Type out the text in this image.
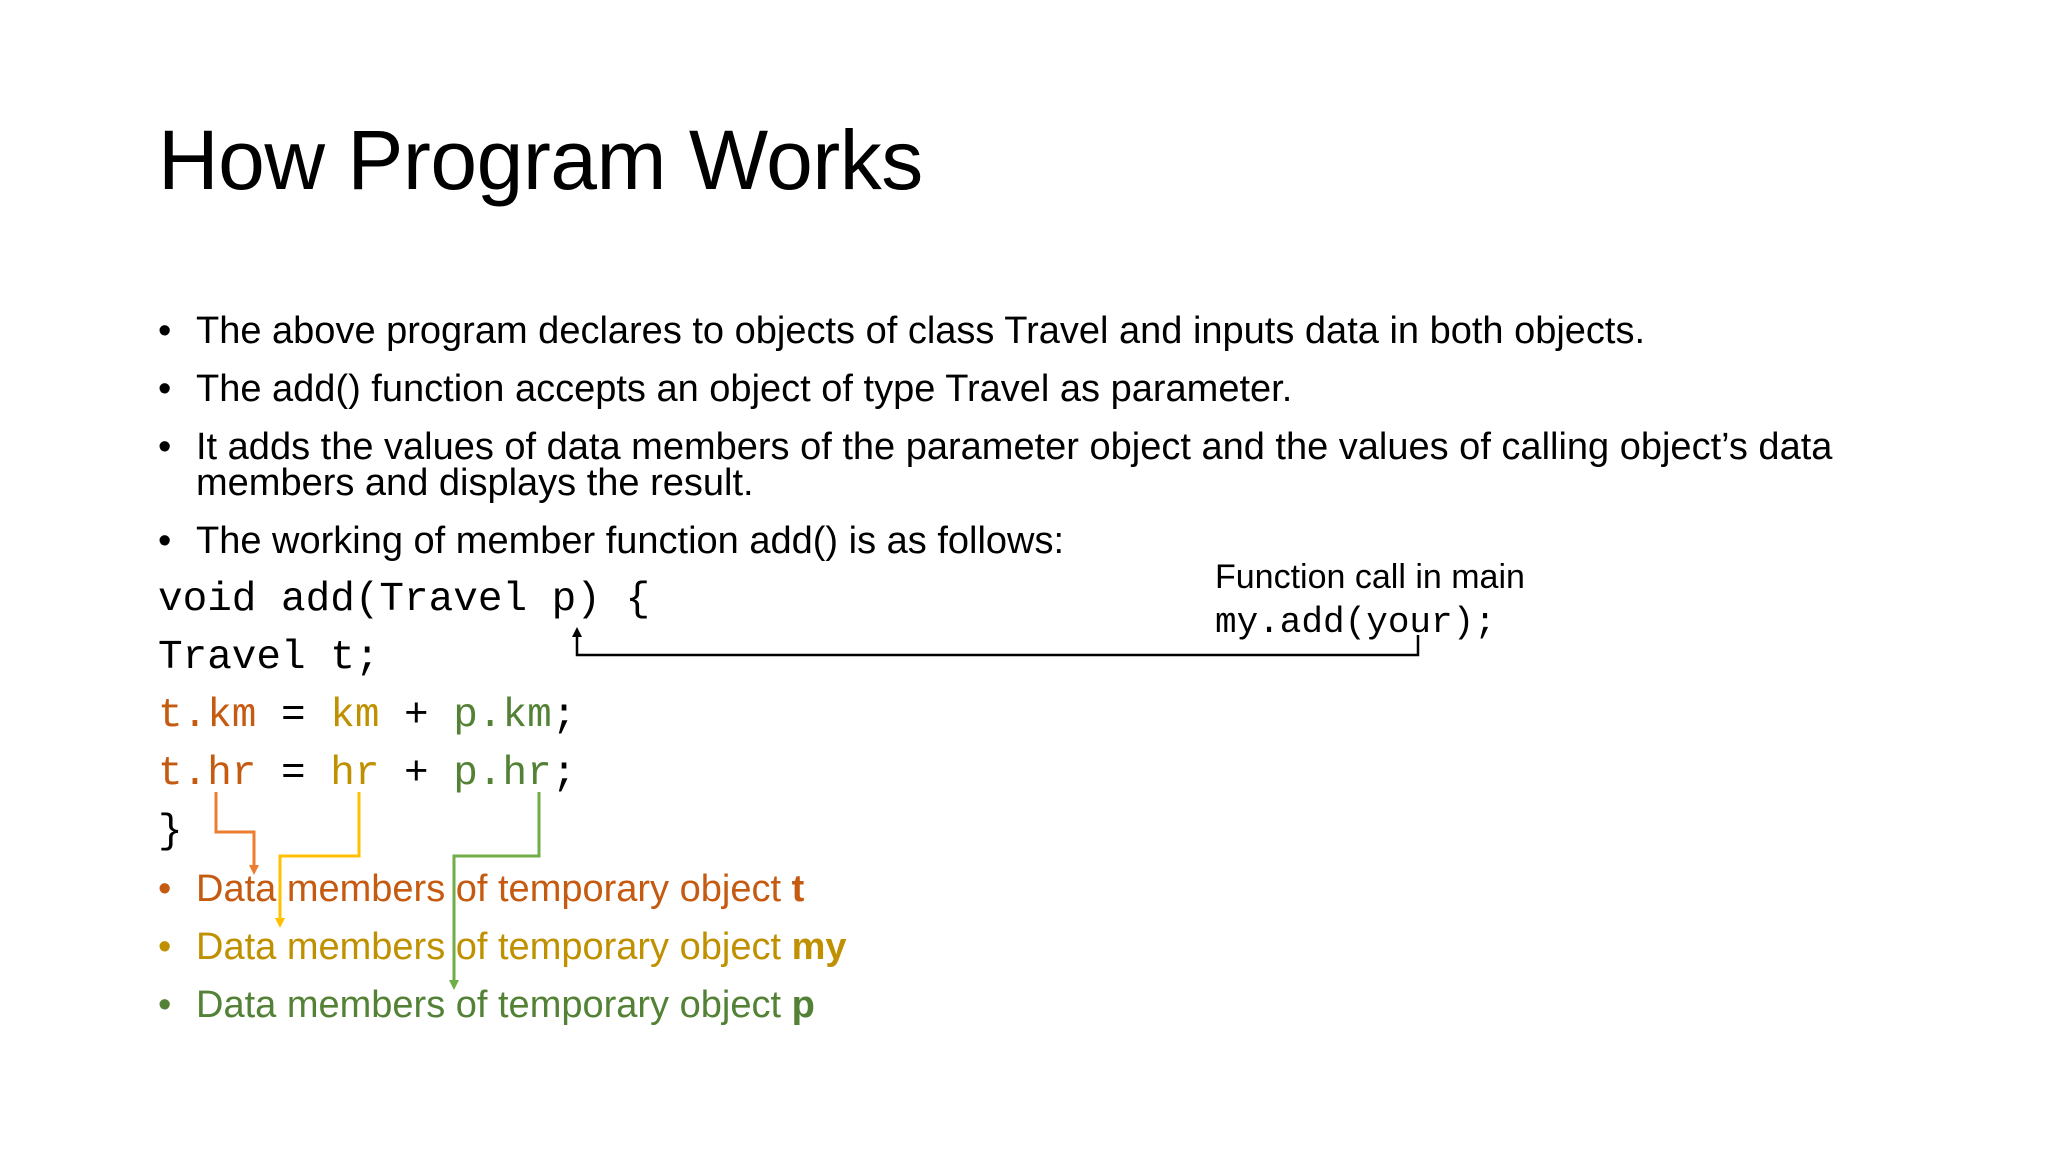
How Program Works
• The above program declares to objects of class Travel and inputs data in both objects.
• The add() function accepts an object of type Travel as parameter.
• It adds the values of data members of the parameter object and the values of calling object’s data
members and displays the result.
• The working of member function add() is as follows:
void add(Travel p) {
Travel t;
t.km = km + p.km;
t.hr = hr + p.hr;
}
Function call in main
my.add(your);
• Data members of temporary object t
• Data members of temporary object my
• Data members of temporary object p
